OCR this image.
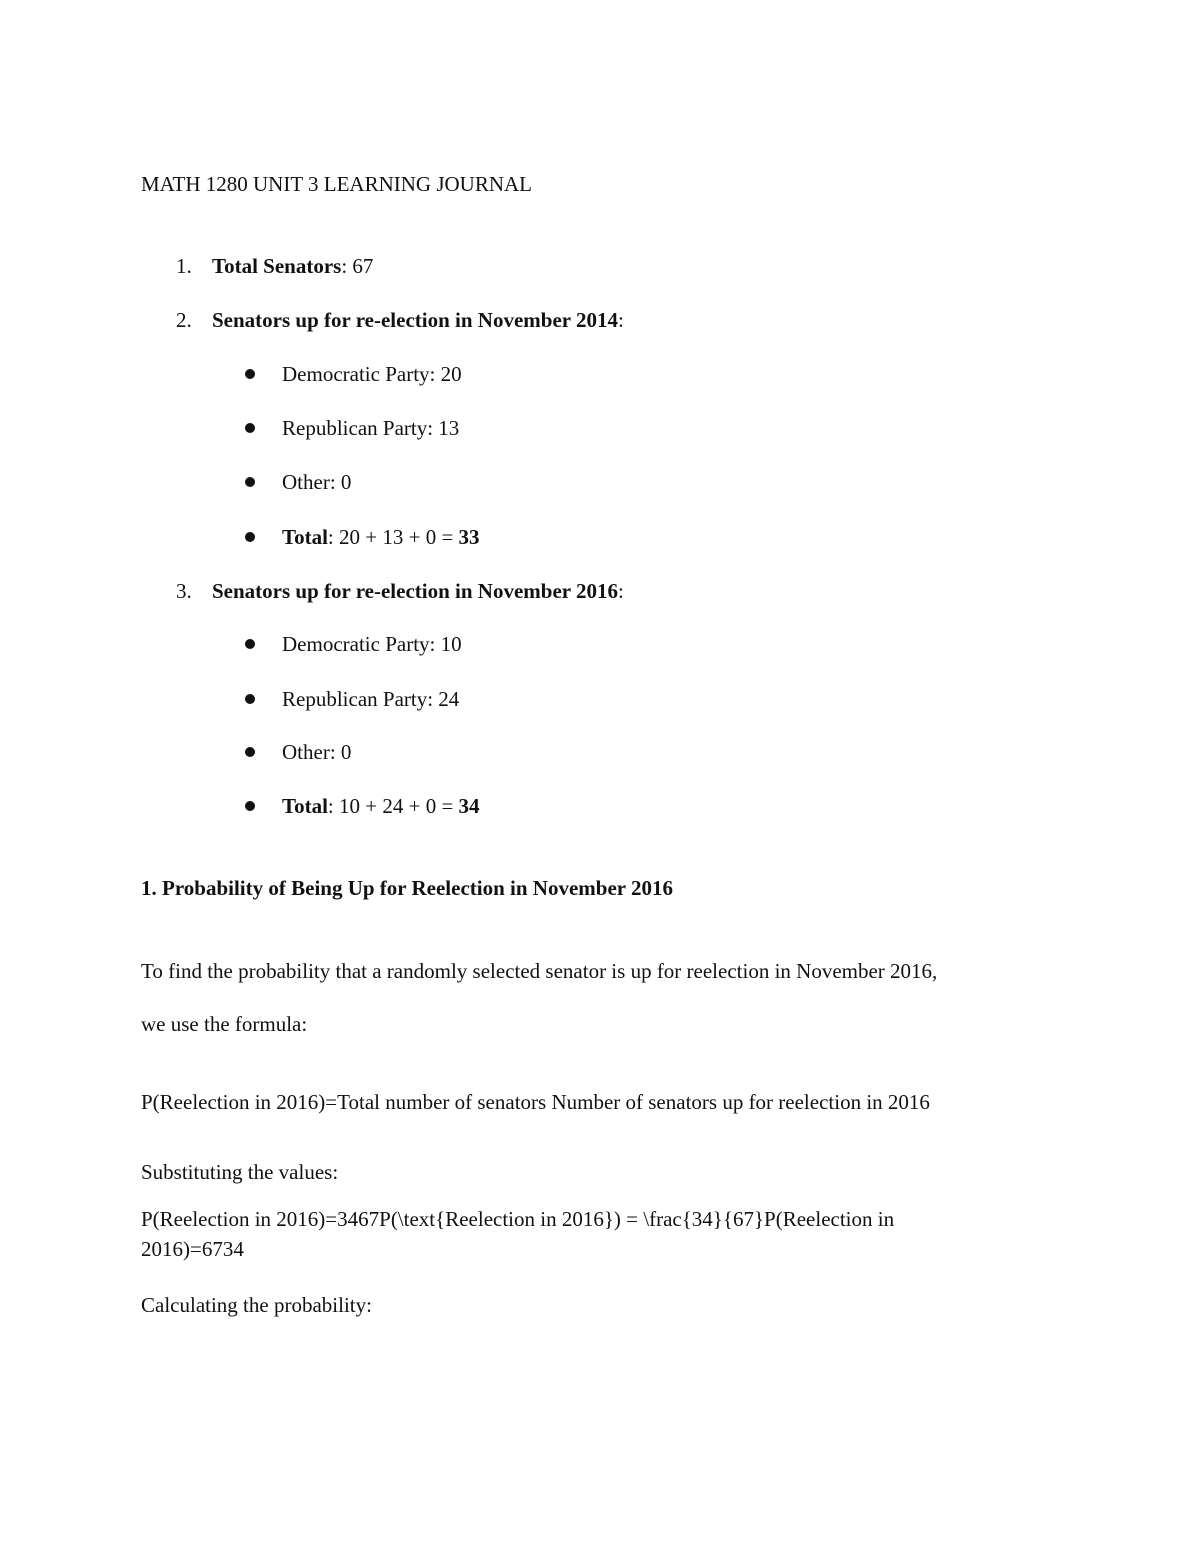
MATH 1280 UNIT 3 LEARNING JOURNAL
1. Total Senators: 67
2. Senators up for re-election in November 2014:
Democratic Party: 20
Republican Party: 13
Other: 0
Total: 20 + 13 + 0 = 33
3. Senators up for re-election in November 2016:
Democratic Party: 10
Republican Party: 24
Other: 0
Total: 10 + 24 + 0 = 34
1. Probability of Being Up for Reelection in November 2016
To find the probability that a randomly selected senator is up for reelection in November 2016,
we use the formula:
P(Reelection in 2016)=Total number of senators Number of senators up for reelection in 2016
Substituting the values:
P(Reelection in 2016)=3467P(\text{Reelection in 2016}) = \frac{34}{67}P(Reelection in
2016)=6734
Calculating the probability:
